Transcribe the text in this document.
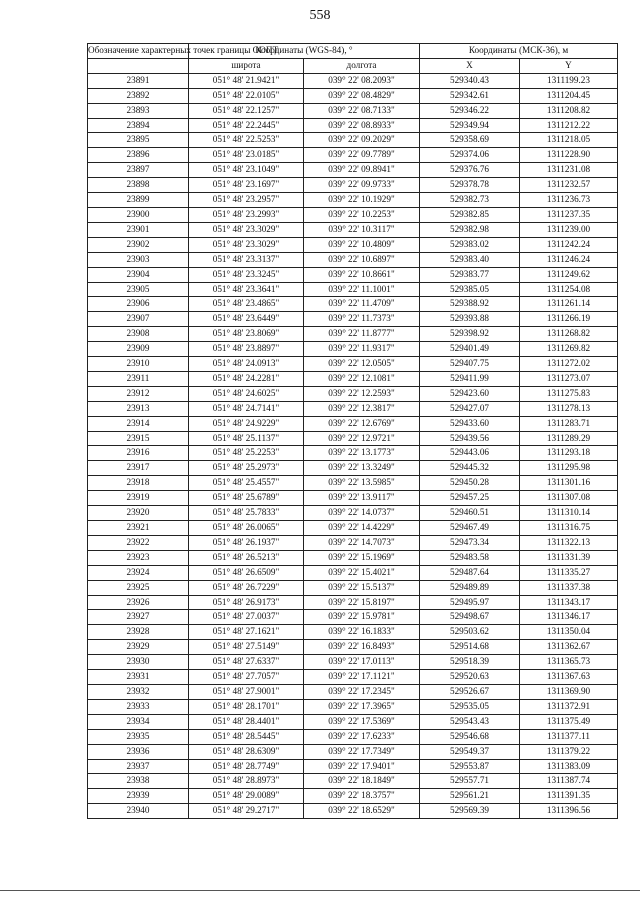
558
Обозначение характерных точек границы ООПТ	Координаты (WGS-84), °		Координаты (МСК-36), м	
	широта	долгота	X	Y
23891	051° 48' 21.9421"	039° 22' 08.2093"	529340.43	1311199.23
23892	051° 48' 22.0105"	039° 22' 08.4829"	529342.61	1311204.45
23893	051° 48' 22.1257"	039° 22' 08.7133"	529346.22	1311208.82
23894	051° 48' 22.2445"	039° 22' 08.8933"	529349.94	1311212.22
23895	051° 48' 22.5253"	039° 22' 09.2029"	529358.69	1311218.05
23896	051° 48' 23.0185"	039° 22' 09.7789"	529374.06	1311228.90
23897	051° 48' 23.1049"	039° 22' 09.8941"	529376.76	1311231.08
23898	051° 48' 23.1697"	039° 22' 09.9733"	529378.78	1311232.57
23899	051° 48' 23.2957"	039° 22' 10.1929"	529382.73	1311236.73
23900	051° 48' 23.2993"	039° 22' 10.2253"	529382.85	1311237.35
23901	051° 48' 23.3029"	039° 22' 10.3117"	529382.98	1311239.00
23902	051° 48' 23.3029"	039° 22' 10.4809"	529383.02	1311242.24
23903	051° 48' 23.3137"	039° 22' 10.6897"	529383.40	1311246.24
23904	051° 48' 23.3245"	039° 22' 10.8661"	529383.77	1311249.62
23905	051° 48' 23.3641"	039° 22' 11.1001"	529385.05	1311254.08
23906	051° 48' 23.4865"	039° 22' 11.4709"	529388.92	1311261.14
23907	051° 48' 23.6449"	039° 22' 11.7373"	529393.88	1311266.19
23908	051° 48' 23.8069"	039° 22' 11.8777"	529398.92	1311268.82
23909	051° 48' 23.8897"	039° 22' 11.9317"	529401.49	1311269.82
23910	051° 48' 24.0913"	039° 22' 12.0505"	529407.75	1311272.02
23911	051° 48' 24.2281"	039° 22' 12.1081"	529411.99	1311273.07
23912	051° 48' 24.6025"	039° 22' 12.2593"	529423.60	1311275.83
23913	051° 48' 24.7141"	039° 22' 12.3817"	529427.07	1311278.13
23914	051° 48' 24.9229"	039° 22' 12.6769"	529433.60	1311283.71
23915	051° 48' 25.1137"	039° 22' 12.9721"	529439.56	1311289.29
23916	051° 48' 25.2253"	039° 22' 13.1773"	529443.06	1311293.18
23917	051° 48' 25.2973"	039° 22' 13.3249"	529445.32	1311295.98
23918	051° 48' 25.4557"	039° 22' 13.5985"	529450.28	1311301.16
23919	051° 48' 25.6789"	039° 22' 13.9117"	529457.25	1311307.08
23920	051° 48' 25.7833"	039° 22' 14.0737"	529460.51	1311310.14
23921	051° 48' 26.0065"	039° 22' 14.4229"	529467.49	1311316.75
23922	051° 48' 26.1937"	039° 22' 14.7073"	529473.34	1311322.13
23923	051° 48' 26.5213"	039° 22' 15.1969"	529483.58	1311331.39
23924	051° 48' 26.6509"	039° 22' 15.4021"	529487.64	1311335.27
23925	051° 48' 26.7229"	039° 22' 15.5137"	529489.89	1311337.38
23926	051° 48' 26.9173"	039° 22' 15.8197"	529495.97	1311343.17
23927	051° 48' 27.0037"	039° 22' 15.9781"	529498.67	1311346.17
23928	051° 48' 27.1621"	039° 22' 16.1833"	529503.62	1311350.04
23929	051° 48' 27.5149"	039° 22' 16.8493"	529514.68	1311362.67
23930	051° 48' 27.6337"	039° 22' 17.0113"	529518.39	1311365.73
23931	051° 48' 27.7057"	039° 22' 17.1121"	529520.63	1311367.63
23932	051° 48' 27.9001"	039° 22' 17.2345"	529526.67	1311369.90
23933	051° 48' 28.1701"	039° 22' 17.3965"	529535.05	1311372.91
23934	051° 48' 28.4401"	039° 22' 17.5369"	529543.43	1311375.49
23935	051° 48' 28.5445"	039° 22' 17.6233"	529546.68	1311377.11
23936	051° 48' 28.6309"	039° 22' 17.7349"	529549.37	1311379.22
23937	051° 48' 28.7749"	039° 22' 17.9401"	529553.87	1311383.09
23938	051° 48' 28.8973"	039° 22' 18.1849"	529557.71	1311387.74
23939	051° 48' 29.0089"	039° 22' 18.3757"	529561.21	1311391.35
23940	051° 48' 29.2717"	039° 22' 18.6529"	529569.39	1311396.56
